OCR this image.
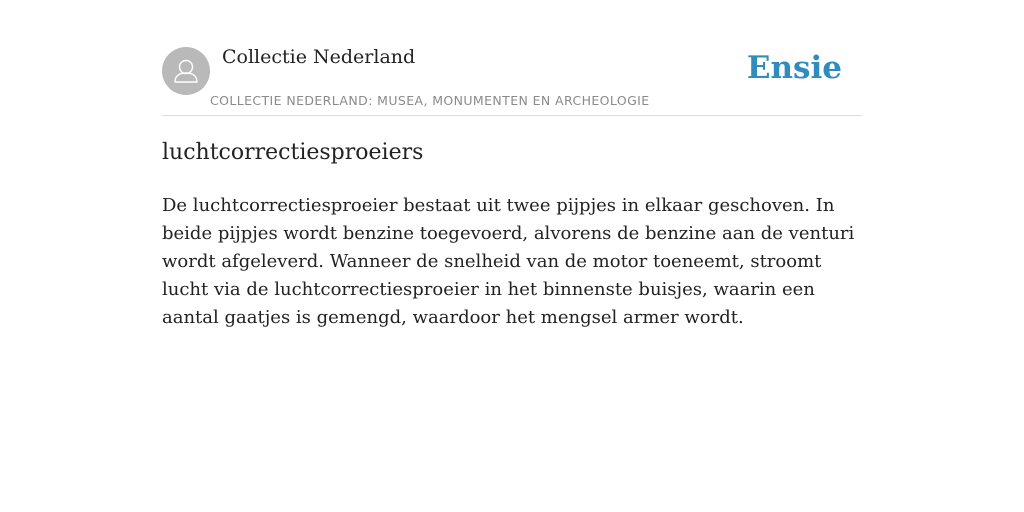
Collectie Nederland
COLLECTIE NEDERLAND: MUSEA, MONUMENTEN EN ARCHEOLOGIE
Ensie
luchtcorrectiesproeiers

De luchtcorrectiesproeier bestaat uit twee pijpjes in elkaar geschoven. In beide pijpjes wordt benzine toegevoerd, alvorens de benzine aan de venturi wordt afgeleverd. Wanneer de snelheid van de motor toeneemt, stroomt lucht via de luchtcorrectiesproeier in het binnenste buisjes, waarin een aantal gaatjes is gemengd, waardoor het mengsel armer wordt.
